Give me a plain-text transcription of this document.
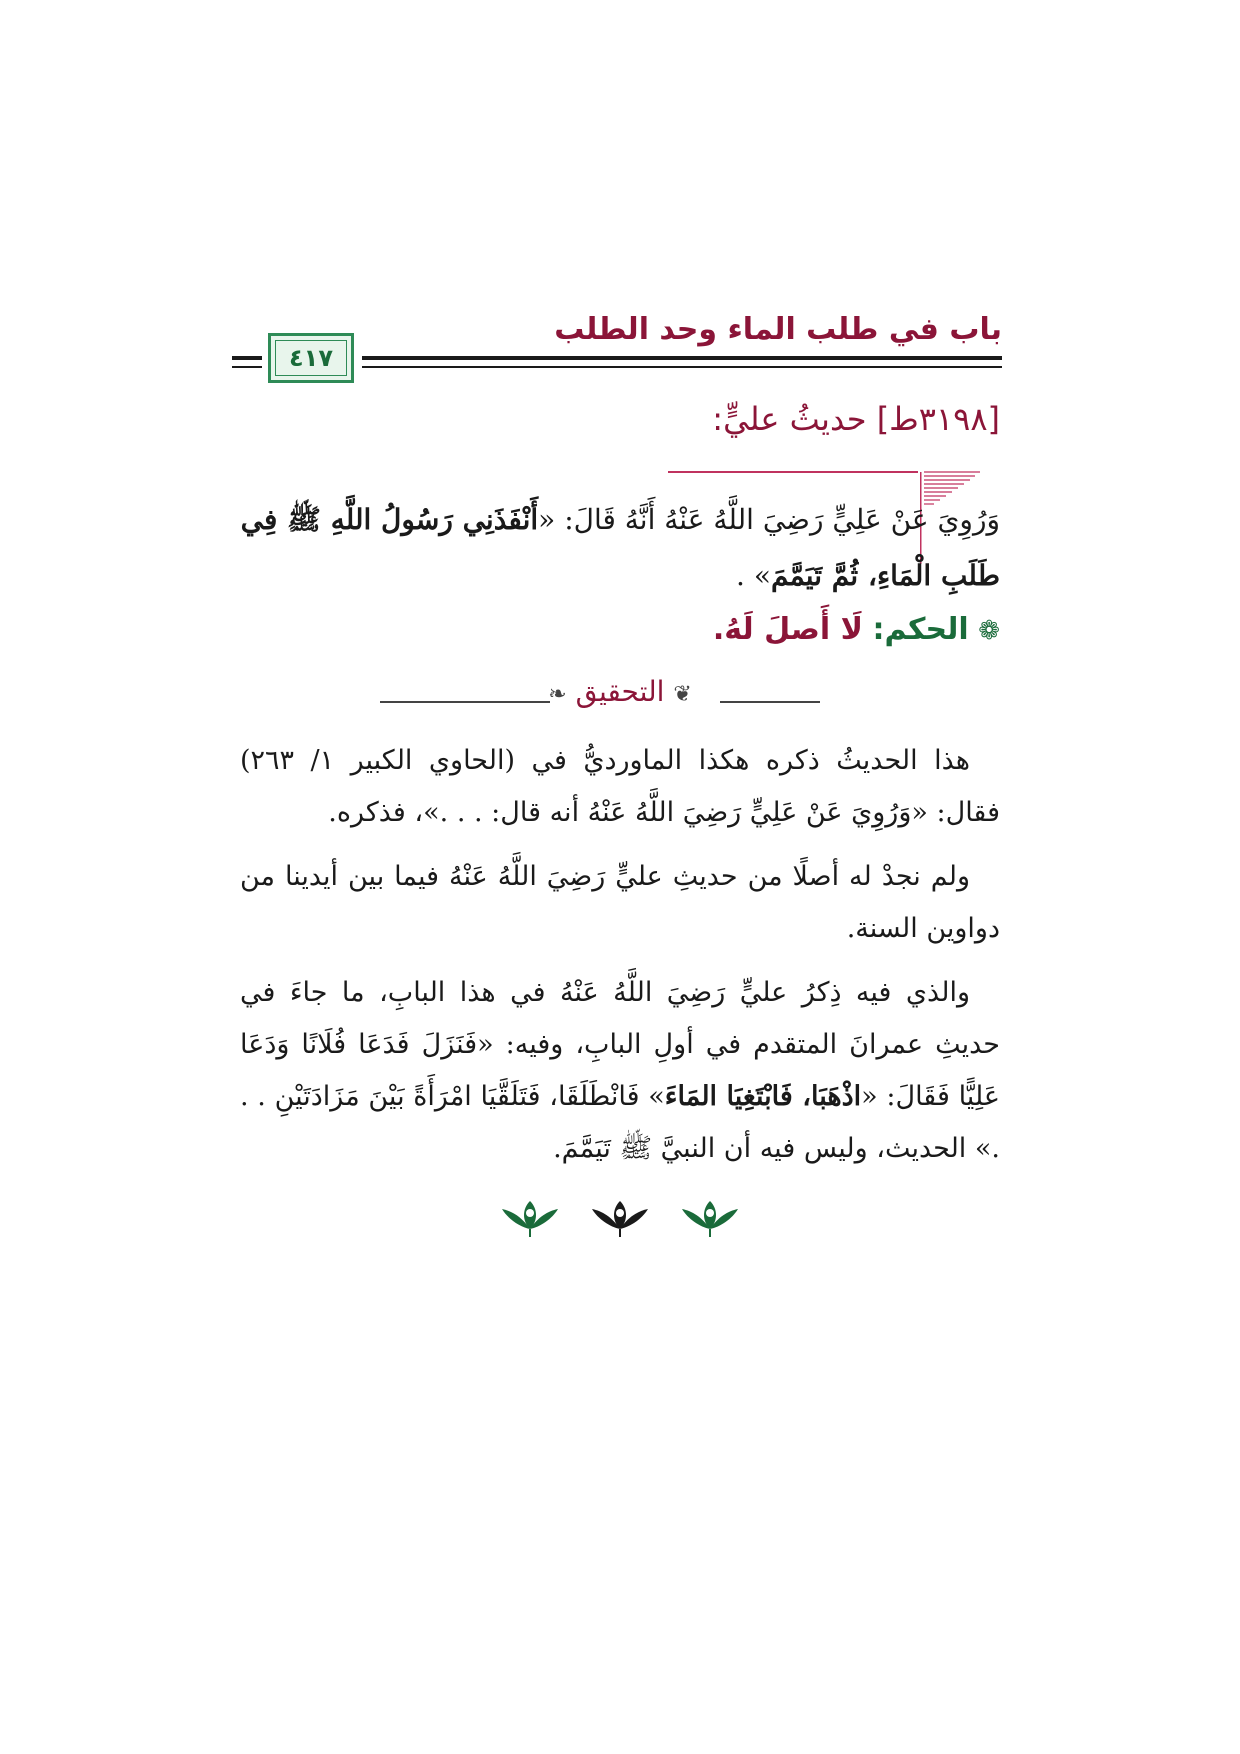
باب في طلب الماء وحد الطلب
٤١٧
[٣١٩٨ط] حديثُ عليٍّ:
وَرُوِيَ عَنْ عَلِيٍّ رَضِيَ اللَّهُ عَنْهُ أَنَّهُ قَالَ: «أَنْفَذَنِي رَسُولُ اللَّهِ ﷺ فِي طَلَبِ الْمَاءِ، ثُمَّ تَيَمَّمَ» .
❁ الحكم: لَا أَصلَ لَهُ.
❦ التحقيق ❧

هذا الحديثُ ذكره هكذا الماورديُّ في (الحاوي الكبير ١/ ٢٦٣) فقال: «وَرُوِيَ عَنْ عَلِيٍّ رَضِيَ اللَّهُ عَنْهُ أنه قال: . . .»، فذكره.

ولم نجدْ له أصلًا من حديثِ عليٍّ رَضِيَ اللَّهُ عَنْهُ فيما بين أيدينا من دواوين السنة.

والذي فيه ذِكرُ عليٍّ رَضِيَ اللَّهُ عَنْهُ في هذا البابِ، ما جاءَ في حديثِ عمرانَ المتقدم في أولِ البابِ، وفيه: «فَنَزَلَ فَدَعَا فُلَانًا وَدَعَا عَلِيًّا فَقَالَ: «اذْهَبَا، فَابْتَغِيَا المَاءَ» فَانْطَلَقَا، فَتَلَقَّيَا امْرَأَةً بَيْنَ مَزَادَتَيْنِ . . .» الحديث، وليس فيه أن النبيَّ ﷺ تَيَمَّمَ.
